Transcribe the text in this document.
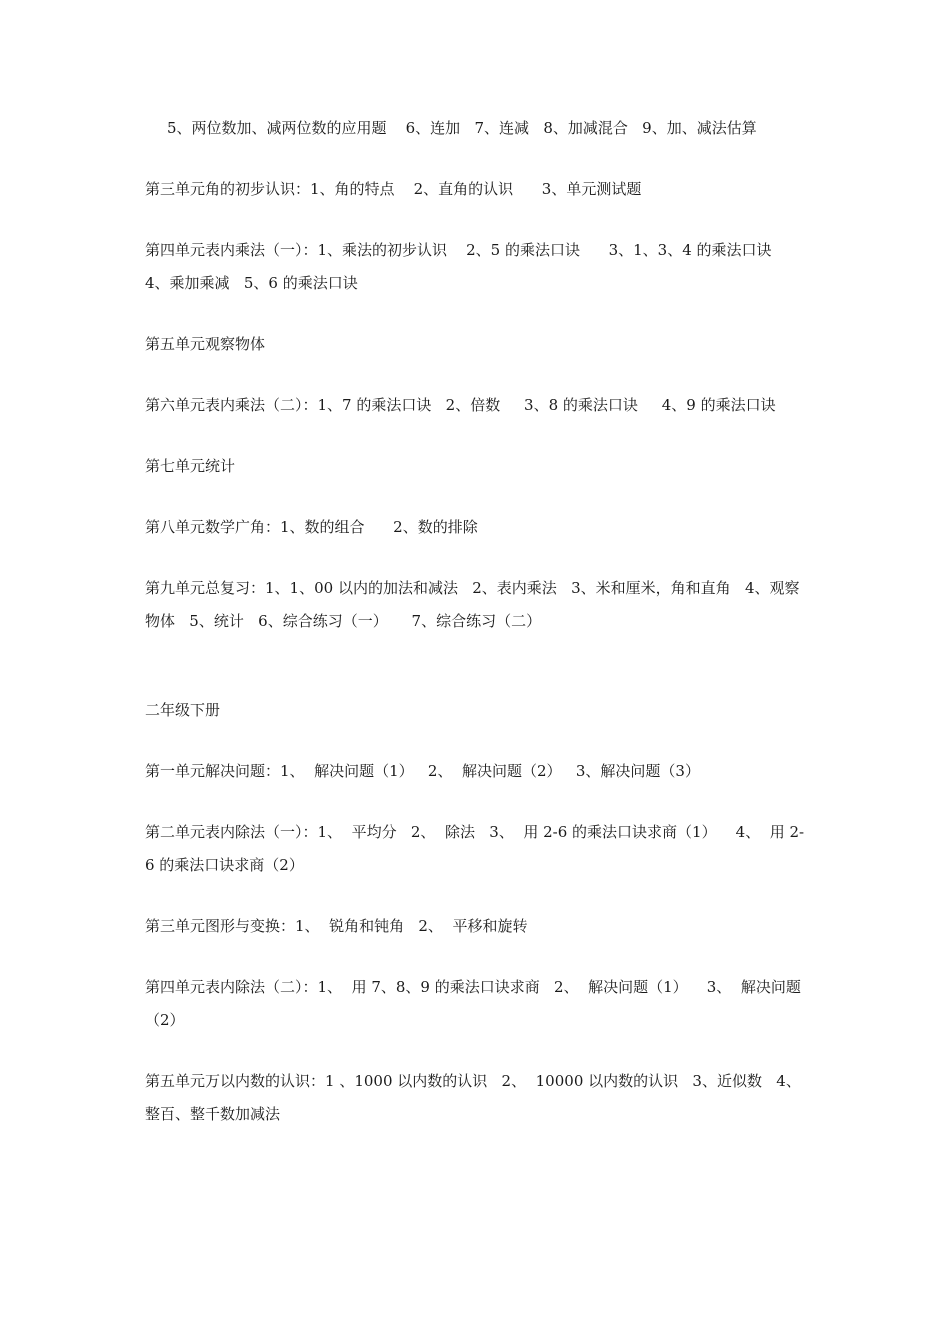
5、两位数加、减两位数的应用题    6、连加   7、连减   8、加减混合   9、加、减法估算

第三单元角的初步认识：1、角的特点    2、直角的认识      3、单元测试题

第四单元表内乘法（一）：1、乘法的初步认识    2、5 的乘法口诀      3、1、3、4 的乘法口诀      4、乘加乘减   5、6 的乘法口诀

第五单元观察物体

第六单元表内乘法（二）：1、7 的乘法口诀   2、倍数     3、8 的乘法口诀     4、9 的乘法口诀

第七单元统计

第八单元数学广角：1、数的组合      2、数的排除

第九单元总复习：1、1、00 以内的加法和减法   2、表内乘法   3、米和厘米，角和直角   4、观察物体   5、统计   6、综合练习（一）     7、综合练习（二）

二年级下册

第一单元解决问题：1、  解决问题（1）   2、  解决问题（2）   3、解决问题（3）

第二单元表内除法（一）：1、  平均分   2、  除法   3、  用 2-6 的乘法口诀求商（1）    4、  用 2-6 的乘法口诀求商（2）

第三单元图形与变换：1、  锐角和钝角   2、  平移和旋转

第四单元表内除法（二）：1、  用 7、8、9 的乘法口诀求商   2、  解决问题（1）    3、  解决问题（2）

第五单元万以内数的认识：1 、1000 以内数的认识   2、  10000 以内数的认识   3、近似数   4、  整百、整千数加减法
